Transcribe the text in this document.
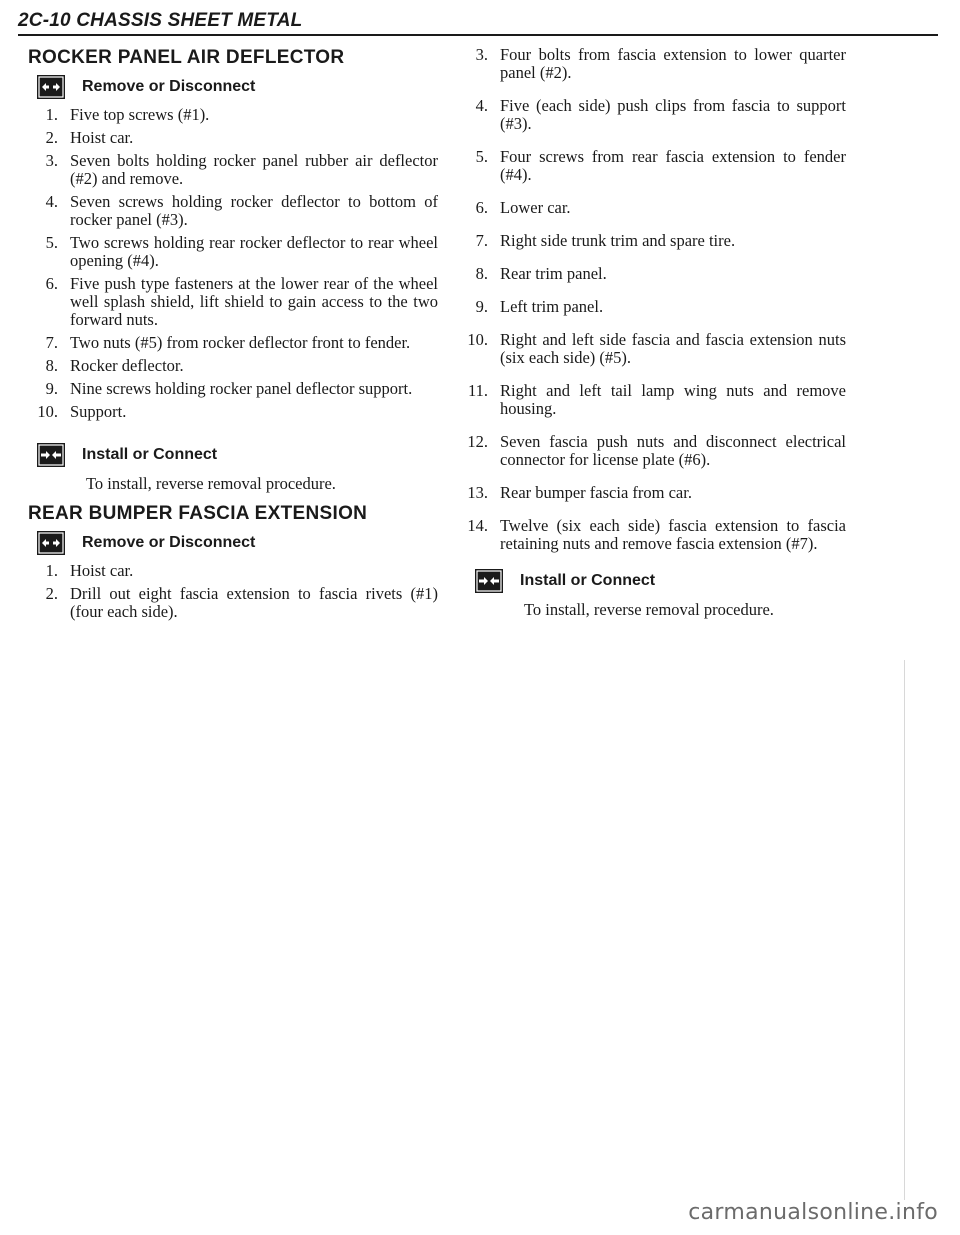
2C-10 CHASSIS SHEET METAL
ROCKER PANEL AIR DEFLECTOR
Remove or Disconnect
1. Five top screws (#1).
2. Hoist car.
3. Seven bolts holding rocker panel rubber air deflector (#2) and remove.
4. Seven screws holding rocker deflector to bottom of rocker panel (#3).
5. Two screws holding rear rocker deflector to rear wheel opening (#4).
6. Five push type fasteners at the lower rear of the wheel well splash shield, lift shield to gain access to the two forward nuts.
7. Two nuts (#5) from rocker deflector front to fender.
8. Rocker deflector.
9. Nine screws holding rocker panel deflector support.
10. Support.
Install or Connect
To install, reverse removal procedure.
REAR BUMPER FASCIA EXTENSION
Remove or Disconnect
1. Hoist car.
2. Drill out eight fascia extension to fascia rivets (#1) (four each side).
3. Four bolts from fascia extension to lower quarter panel (#2).
4. Five (each side) push clips from fascia to support (#3).
5. Four screws from rear fascia extension to fender (#4).
6. Lower car.
7. Right side trunk trim and spare tire.
8. Rear trim panel.
9. Left trim panel.
10. Right and left side fascia and fascia extension nuts (six each side) (#5).
11. Right and left tail lamp wing nuts and remove housing.
12. Seven fascia push nuts and disconnect electrical connector for license plate (#6).
13. Rear bumper fascia from car.
14. Twelve (six each side) fascia extension to fascia retaining nuts and remove fascia extension (#7).
Install or Connect
To install, reverse removal procedure.
carmanualsonline.info
